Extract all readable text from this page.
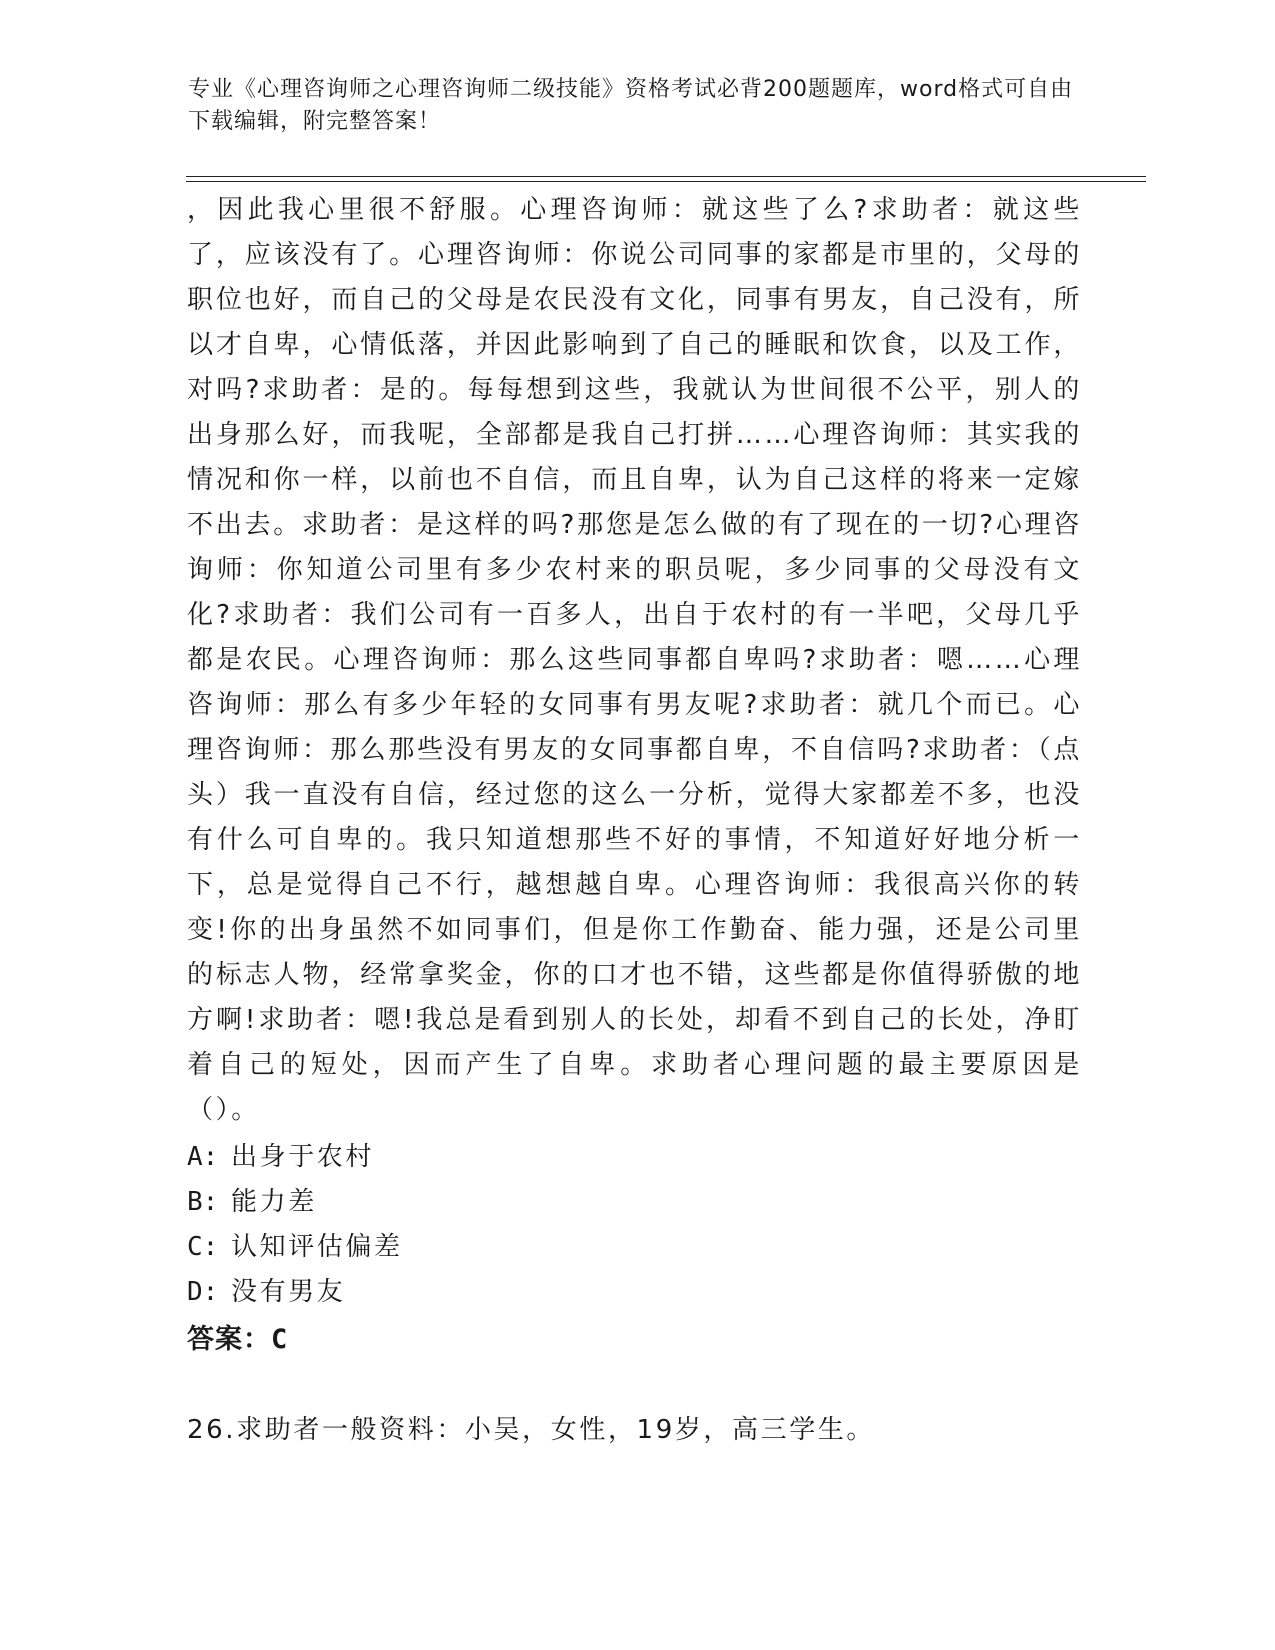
专业《心理咨询师之心理咨询师二级技能》资格考试必背200题题库，word格式可自由下载编辑，附完整答案！

，因此我心里很不舒服。心理咨询师：就这些了么?求助者：就这些了，应该没有了。心理咨询师：你说公司同事的家都是市里的，父母的职位也好，而自己的父母是农民没有文化，同事有男友，自己没有，所以才自卑，心情低落，并因此影响到了自己的睡眠和饮食，以及工作，对吗?求助者：是的。每每想到这些，我就认为世间很不公平，别人的出身那么好，而我呢，全部都是我自己打拼……心理咨询师：其实我的情况和你一样，以前也不自信，而且自卑，认为自己这样的将来一定嫁不出去。求助者：是这样的吗?那您是怎么做的有了现在的一切?心理咨询师：你知道公司里有多少农村来的职员呢，多少同事的父母没有文化?求助者：我们公司有一百多人，出自于农村的有一半吧，父母几乎都是农民。心理咨询师：那么这些同事都自卑吗?求助者：嗯……心理咨询师：那么有多少年轻的女同事有男友呢?求助者：就几个而已。心理咨询师：那么那些没有男友的女同事都自卑，不自信吗?求助者：（点头）我一直没有自信，经过您的这么一分析，觉得大家都差不多，也没有什么可自卑的。我只知道想那些不好的事情，不知道好好地分析一下，总是觉得自己不行，越想越自卑。心理咨询师：我很高兴你的转变!你的出身虽然不如同事们，但是你工作勤奋、能力强，还是公司里的标志人物，经常拿奖金，你的口才也不错，这些都是你值得骄傲的地方啊!求助者：嗯!我总是看到别人的长处，却看不到自己的长处，净盯着自己的短处，因而产生了自卑。求助者心理问题的最主要原因是（）。

A: 出身于农村
B: 能力差
C: 认知评估偏差
D: 没有男友
答案：C
26.求助者一般资料：小吴，女性，19岁，高三学生。
